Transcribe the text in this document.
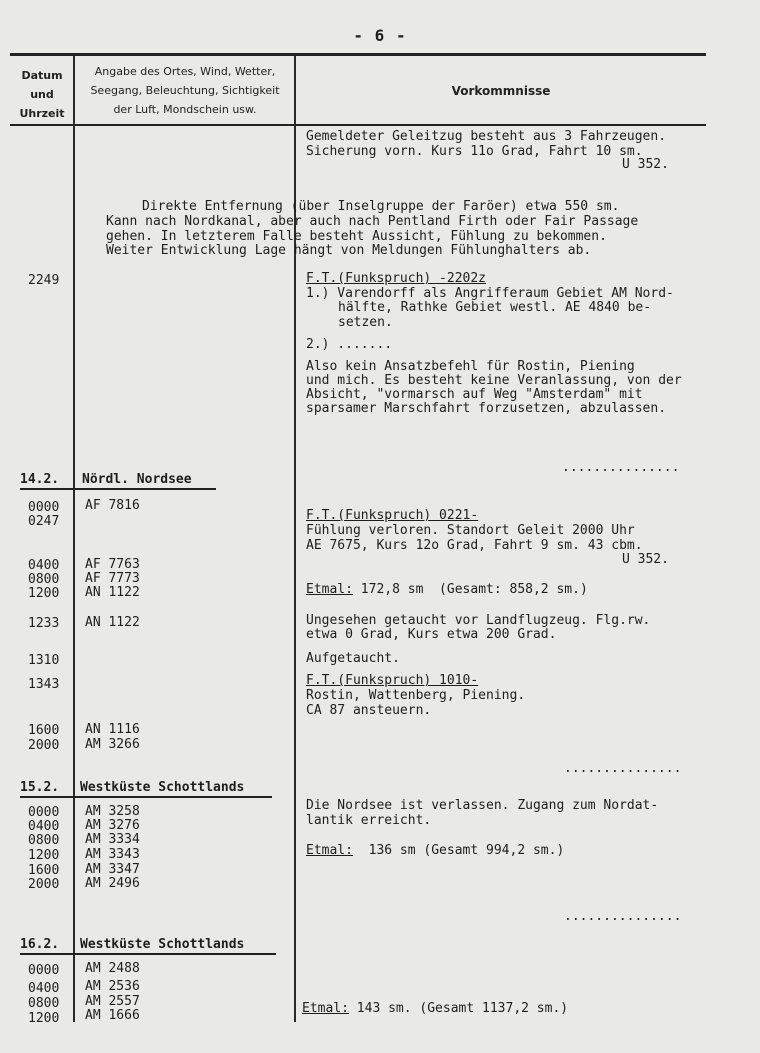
- 6 -
Datum
und
Uhrzeit
Angabe des Ortes, Wind, Wetter,
Seegang, Beleuchtung, Sichtigkeit
der Luft, Mondschein usw.
Vorkommnisse
Gemeldeter Geleitzug besteht aus 3 Fahrzeugen.
Sicherung vorn. Kurs 11o Grad, Fahrt 10 sm.
U 352.
Direkte Entfernung (über Inselgruppe der Faröer) etwa 550 sm.
Kann nach Nordkanal, aber auch nach Pentland Firth oder Fair Passage
gehen. In letzterem Falle besteht Aussicht, Fühlung zu bekommen.
Weiter Entwicklung Lage hängt von Meldungen Fühlunghalters ab.
2249	F.T.(Funkspruch) -2202z
1.) Varendorff als Angrifferaum Gebiet AM Nord-
hälfte, Rathke Gebiet westl. AE 4840 be-
setzen.
2.) .......
Also kein Ansatzbefehl für Rostin, Piening
und mich. Es besteht keine Veranlassung, von der
Absicht, "vormarsch auf Weg "Amsterdam" mit
sparsamer Marschfahrt forzusetzen, abzulassen.
...............
14.2. Nördl. Nordsee
0000 AF 7816
0247	F.T.(Funkspruch) 0221-
Fühlung verloren. Standort Geleit 2000 Uhr
AE 7675, Kurs 12o Grad, Fahrt 9 sm. 43 cbm.
U 352.
0400 AF 7763
0800 AF 7773
1200 AN 1122	Etmal: 172,8 sm  (Gesamt: 858,2 sm.)
1233 AN 1122	Ungesehen getaucht vor Landflugzeug. Flg.rw.
etwa 0 Grad, Kurs etwa 200 Grad.
1310	Aufgetaucht.
1343	F.T.(Funkspruch) 1010-
Rostin, Wattenberg, Piening.
CA 87 ansteuern.
1600 AN 1116
2000 AM 3266
...............
15.2. Westküste Schottlands
0000 AM 3258
0400 AM 3276
0800 AM 3334
1200 AM 3343
1600 AM 3347
2000 AM 2496
Die Nordsee ist verlassen. Zugang zum Nordat-
lantik erreicht.
Etmal:  136 sm (Gesamt 994,2 sm.)
...............
16.2. Westküste Schottlands
0000 AM 2488
0400 AM 2536
0800 AM 2557
1200 AM 1666	Etmal: 143 sm. (Gesamt 1137,2 sm.)
